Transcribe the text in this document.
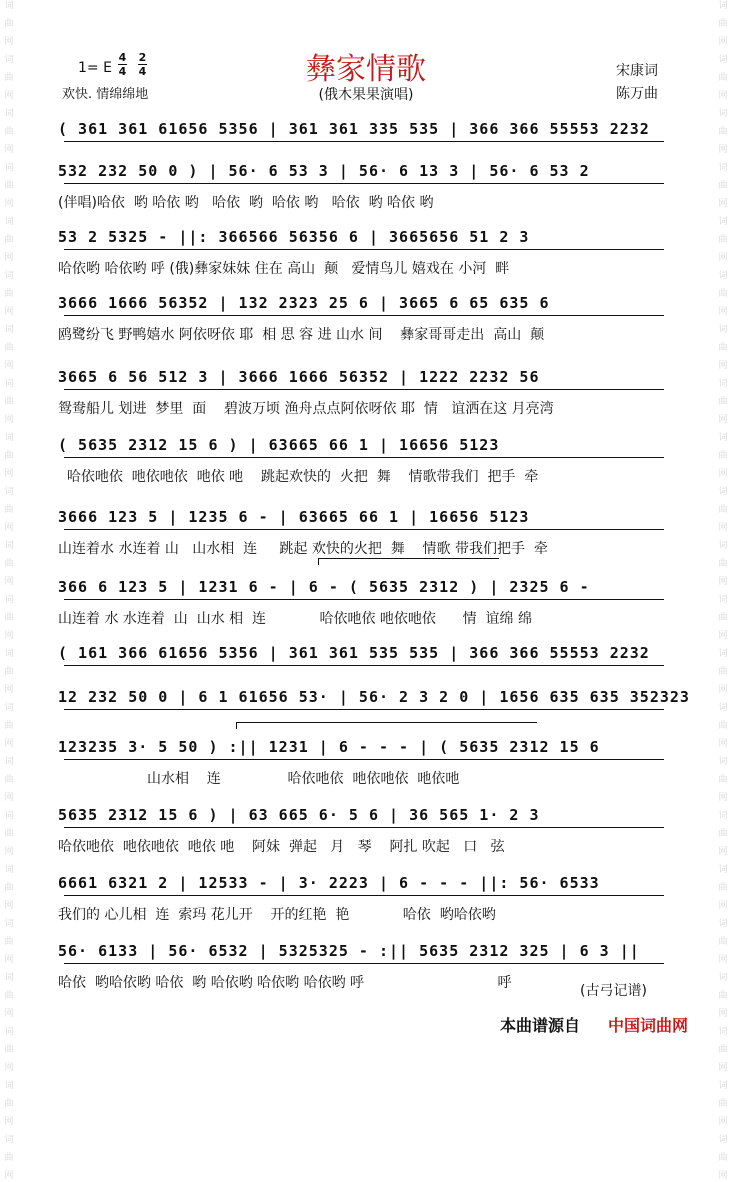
词
曲
网
词
曲
网
词
曲
网
词
曲
网
词
曲
网
词
曲
网
词
曲
网
词
曲
网
词
曲
网
词
曲
网
词
曲
网
词
曲
网
词
曲
网
词
曲
网
词
曲
网
词
曲
网
词
曲
网
词
曲
网
词
曲
网
词
曲
网
词
曲
网
词
曲
网
词
曲
网
词
曲
网
词
曲
网
词
曲
网
词
曲
网
词
曲
网
词
曲
网
词
曲
网
词
曲
网
词
曲
网
词
曲
网
词
曲
网
词
曲
网
词
曲
网
词
曲
网
词
曲
网
词
曲
网
词
曲
网
词
曲
网
词
曲
网
词
曲
网
词
曲
网
1= E
4
4
2
4
欢快. 情绵绵地
彝家情歌
(俄木果果演唱)
宋康词
陈万曲
( 361 361 61656 5356 | 361 361 335 535 | 366 366 55553 2232
532 232 50 0 ) | 56· 6 53 3 | 56· 6 13 3 | 56· 6 53 2
(伴唱)哈依  哟 哈依 哟   哈依  哟  哈依 哟   哈依  哟 哈依 哟
53 2 5325 - ||: 366566 56356 6 | 3665656 51 2 3
哈依哟 哈依哟 呼 (俄)彝家妹妹 住在 高山  颠   爱情鸟儿 嬉戏在 小河  畔
3666 1666 56352 | 132 2323 25 6 | 3665 6 65 635 6
鸥鹭纷飞 野鸭嬉水 阿依呀依 耶  相 思 容 进 山水 间    彝家哥哥走出  高山  颠
3665 6 56 512 3 | 3666 1666 56352 | 1222 2232 56
鸳鸯船儿 划进  梦里  面    碧波万顷 渔舟点点阿依呀依 耶  情   谊洒在这 月亮湾
( 5635 2312 15 6 ) | 63665 66 1 | 16656 5123
哈依吔依  吔依吔依  吔依 吔    跳起欢快的  火把  舞    情歌带我们  把手  牵
3666 123 5 | 1235 6 - | 63665 66 1 | 16656 5123
山连着水 水连着 山   山水相  连     跳起 欢快的火把  舞    情歌 带我们把手  牵
366 6 123 5 | 1231 6 - | 6 - ( 5635 2312 ) | 2325 6 -
山连着 水 水连着  山  山水 相  连            哈依吔依 吔依吔依      情  谊绵 绵
( 161 366 61656 5356 | 361 361 535 535 | 366 366 55553 2232
12 232 50 0 | 6 1 61656 53· | 56· 2 3 2 0 | 1656 635 635 352323
123235 3· 5 50 ) :|| 1231 | 6 - - - | ( 5635 2312 15 6
山水相    连               哈依吔依  吔依吔依  吔依吔
5635 2312 15 6 ) | 63 665 6· 5 6 | 36 565 1· 2 3
哈依吔依  吔依吔依  吔依 吔    阿妹  弹起   月   琴    阿扎 吹起   口   弦
6661 6321 2 | 12533 - | 3· 2223 | 6 - - - ||: 56· 6533
我们的 心儿相  连  索玛 花儿开    开的红艳  艳            哈依  哟哈依哟
56· 6133 | 56· 6532 | 5325325 - :|| 5635 2312 325 | 6 3 ||
哈依  哟哈依哟 哈依  哟 哈依哟 哈依哟 哈依哟 呼                              呼	(古弓记谱)
本曲谱源自 中国词曲网
